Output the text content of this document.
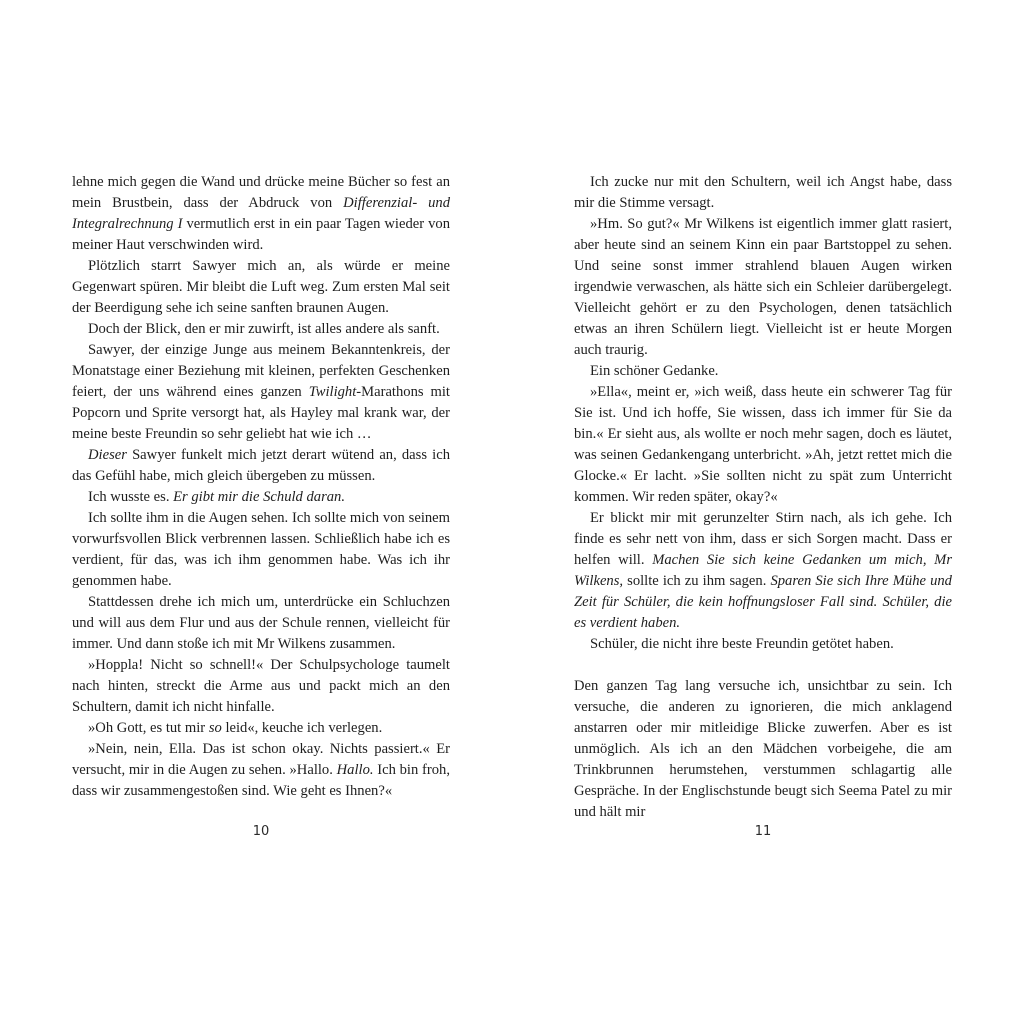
lehne mich gegen die Wand und drücke meine Bücher so fest an mein Brustbein, dass der Abdruck von Differenzial- und Integralrechnung I vermutlich erst in ein paar Tagen wieder von meiner Haut verschwinden wird.

Plötzlich starrt Sawyer mich an, als würde er meine Gegenwart spüren. Mir bleibt die Luft weg. Zum ersten Mal seit der Beerdigung sehe ich seine sanften braunen Augen.

Doch der Blick, den er mir zuwirft, ist alles andere als sanft.

Sawyer, der einzige Junge aus meinem Bekanntenkreis, der Monatstage einer Beziehung mit kleinen, perfekten Geschenken feiert, der uns während eines ganzen Twilight-Marathons mit Popcorn und Sprite versorgt hat, als Hayley mal krank war, der meine beste Freundin so sehr geliebt hat wie ich …

Dieser Sawyer funkelt mich jetzt derart wütend an, dass ich das Gefühl habe, mich gleich übergeben zu müssen.

Ich wusste es. Er gibt mir die Schuld daran.

Ich sollte ihm in die Augen sehen. Ich sollte mich von seinem vorwurfsvollen Blick verbrennen lassen. Schließlich habe ich es verdient, für das, was ich ihm genommen habe. Was ich ihr genommen habe.

Stattdessen drehe ich mich um, unterdrücke ein Schluchzen und will aus dem Flur und aus der Schule rennen, vielleicht für immer. Und dann stoße ich mit Mr Wilkens zusammen.

»Hoppla! Nicht so schnell!« Der Schulpsychologe taumelt nach hinten, streckt die Arme aus und packt mich an den Schultern, damit ich nicht hinfalle.

»Oh Gott, es tut mir so leid«, keuche ich verlegen.

»Nein, nein, Ella. Das ist schon okay. Nichts passiert.« Er versucht, mir in die Augen zu sehen. »Hallo. Hallo. Ich bin froh, dass wir zusammengestoßen sind. Wie geht es Ihnen?«

10

Ich zucke nur mit den Schultern, weil ich Angst habe, dass mir die Stimme versagt.

»Hm. So gut?« Mr Wilkens ist eigentlich immer glatt rasiert, aber heute sind an seinem Kinn ein paar Bartstoppel zu sehen. Und seine sonst immer strahlend blauen Augen wirken irgendwie verwaschen, als hätte sich ein Schleier darübergelegt. Vielleicht gehört er zu den Psychologen, denen tatsächlich etwas an ihren Schülern liegt. Vielleicht ist er heute Morgen auch traurig.

Ein schöner Gedanke.

»Ella«, meint er, »ich weiß, dass heute ein schwerer Tag für Sie ist. Und ich hoffe, Sie wissen, dass ich immer für Sie da bin.« Er sieht aus, als wollte er noch mehr sagen, doch es läutet, was seinen Gedankengang unterbricht. »Ah, jetzt rettet mich die Glocke.« Er lacht. »Sie sollten nicht zu spät zum Unterricht kommen. Wir reden später, okay?«

Er blickt mir mit gerunzelter Stirn nach, als ich gehe. Ich finde es sehr nett von ihm, dass er sich Sorgen macht. Dass er helfen will. Machen Sie sich keine Gedanken um mich, Mr Wilkens, sollte ich zu ihm sagen. Sparen Sie sich Ihre Mühe und Zeit für Schüler, die kein hoffnungsloser Fall sind. Schüler, die es verdient haben.

Schüler, die nicht ihre beste Freundin getötet haben.

Den ganzen Tag lang versuche ich, unsichtbar zu sein. Ich versuche, die anderen zu ignorieren, die mich anklagend anstarren oder mir mitleidige Blicke zuwerfen. Aber es ist unmöglich. Als ich an den Mädchen vorbeigehe, die am Trinkbrunnen herumstehen, verstummen schlagartig alle Gespräche. In der Englischstunde beugt sich Seema Patel zu mir und hält mir

11
